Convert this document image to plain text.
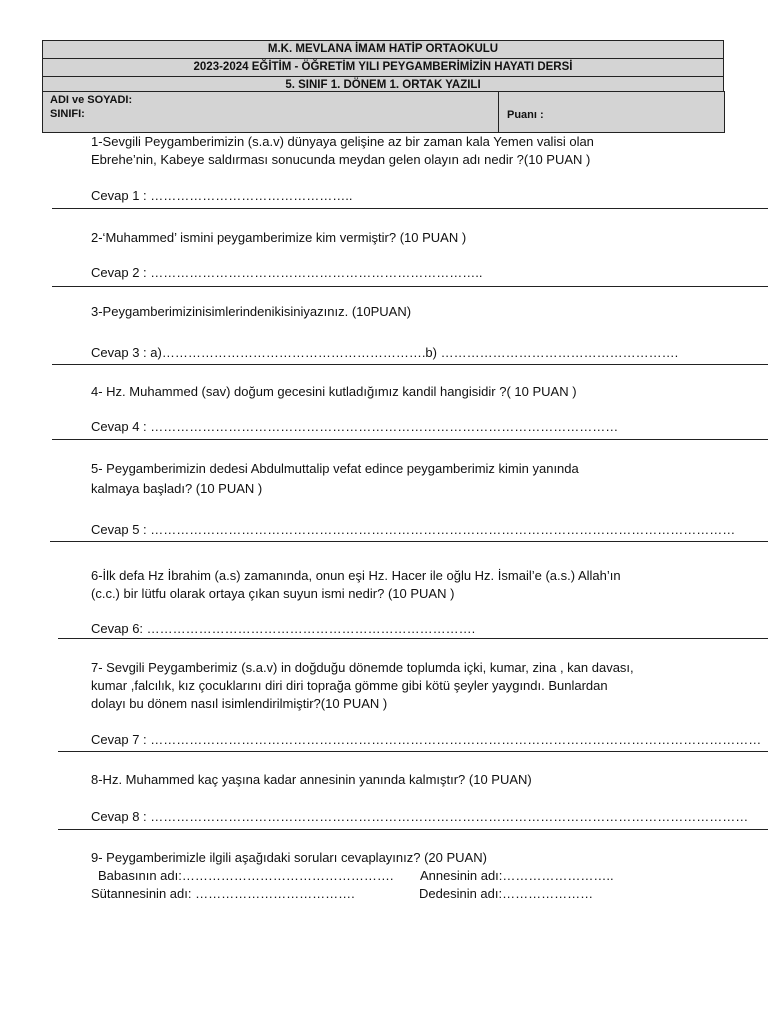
M.K. MEVLANA İMAM HATİP ORTAOKULU
2023-2024 EĞİTİM - ÖĞRETİM YILI PEYGAMBERİMİZİN HAYATI DERSİ
5. SINIF 1. DÖNEM 1. ORTAK YAZILI
ADI ve SOYADI:
SINIFI:	Puanı :
1-Sevgili Peygamberimizin (s.a.v) dünyaya gelişine az bir zaman kala Yemen valisi olan
Ebrehe’nin, Kabeye saldırması sonucunda meydan gelen olayın adı nedir ?(10 PUAN )
Cevap 1 : ………………………………………..
2-‘Muhammed’ ismini peygamberimize kim vermiştir? (10 PUAN )
Cevap 2 : …………………………………………………………………..
3-Peygamberimizinisimlerindenikisiniyazınız. (10PUAN)
Cevap 3 : a)…………………………………………………….b) ……………………………………………….
4- Hz. Muhammed (sav) doğum gecesini kutladığımız kandil hangisidir ?( 10 PUAN )
Cevap 4 : ………………………………………………………………………………………………
5- Peygamberimizin dedesi Abdulmuttalip vefat edince peygamberimiz kimin yanında
kalmaya başladı? (10 PUAN )
Cevap 5 : ………………………………………………………………………………………………………………………
6-İlk defa Hz İbrahim (a.s) zamanında, onun eşi Hz. Hacer ile oğlu Hz. İsmail’e (a.s.) Allah’ın
(c.c.) bir lütfu olarak ortaya çıkan suyun ismi nedir? (10 PUAN )
Cevap 6: ………………………………………………………………….
7- Sevgili Peygamberimiz (s.a.v) in doğduğu dönemde toplumda içki, kumar, zina , kan davası,
kumar ,falcılık, kız çocuklarını diri diri toprağa gömme gibi kötü şeyler yaygındı. Bunlardan
dolayı bu dönem nasıl isimlendirilmiştir?(10 PUAN )
Cevap 7 : ……………………………………………………………………………………………………………………………
8-Hz. Muhammed kaç yaşına kadar annesinin yanında kalmıştır? (10 PUAN)
Cevap 8 : …………………………………………………………………………………………………………………………
9- Peygamberimizle ilgili aşağıdaki soruları cevaplayınız? (20 PUAN)
Babasının adı:…………………………………………. Annesinin adı:……………………..
Sütannesinin adı: ……………………………….	Dedesinin adı:…………………
